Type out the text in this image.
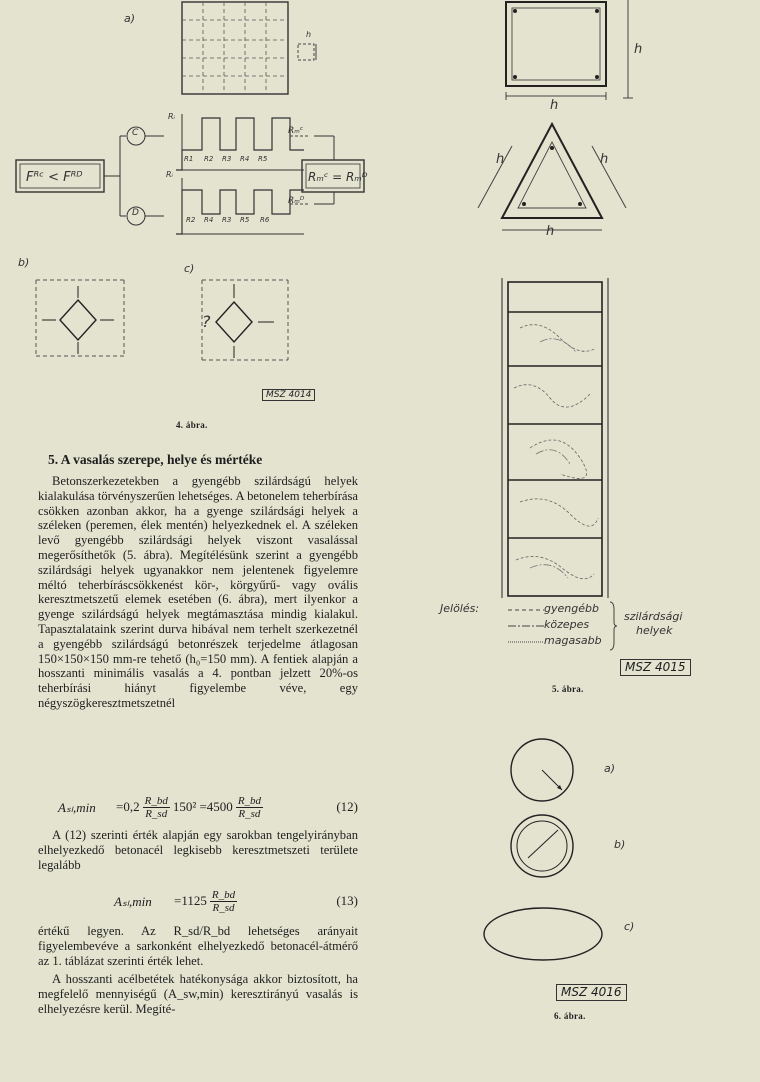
a)
h
Fᴿᶜ < Fᴿᴰ	Rₘᶜ = Rₘᴰ
C
D
Rᵢ
Rᵢ
Rₘᶜ
Rₘᴰ
R1 R2 R3 R4 R5
R2 R4 R3 R5 R6
b)	c)
?
MSZ 4014
4. ábra.
5. A vasalás szerepe, helye és mértéke

Betonszerkezetekben a gyengébb szilárdságú helyek kialakulása törvényszerűen lehetséges. A betonelem teherbírása csökken azonban akkor, ha a gyenge szilárdsági helyek a széleken (peremen, élek mentén) helyezkednek el. A széleken levő gyengébb szilárdsági helyek viszont vasalással megerősíthetők (5. ábra). Megítélésünk szerint a gyengébb szilárdsági helyek ugyanakkor nem jelentenek figyelemre méltó teherbíráscsökkenést kör-, körgyűrű- vagy ovális keresztmetszetű elemek esetében (6. ábra), mert ilyenkor a gyenge szilárdságú helyek megtámasztása mindig kialakul. Tapasztalataink szerint durva hibával nem terhelt szerkezetnél a gyengébb szilárdságú betonrészek terjedelme átlagosan 150×150×150 mm-re tehető (h₀=150 mm). A fentiek alapján a hosszanti minimális vasalás a 4. pontban jelzett 20%-os teherbírási hiányt figyelembe véve, egy négyszögkeresztmetszetnél

$A_{sl},\min =0,2 \frac{R\_bd}{R\_sd} 150^2 =4500 \frac{R\_bd}{R\_sd}$	(12)

A (12) szerinti érték alapján egy sarokban tengelyirányban elhelyezkedő betonacél legkisebb keresztmetszeti területe legalább

$A_{sl},\min =1125 \frac{R\_bd}{R\_sd}$	(13)

értékű legyen. Az R_sd/R_bd lehetséges arányait figyelembevéve a sarkonként elhelyezkedő betonacél-átmérő az 1. táblázat szerinti érték lehet.

A hosszanti acélbetétek hatékonysága akkor biztosított, ha megfelelő mennyiségű (A_sw,min) keresztirányú vasalás is elhelyezésre kerül. Megíté-

h
h
h	h
h
Jelölés:	gyengébb
közepes
magasabb
szilárdsági
helyek
MSZ 4015
5. ábra.
a)
b)
c)
MSZ 4016
6. ábra.
